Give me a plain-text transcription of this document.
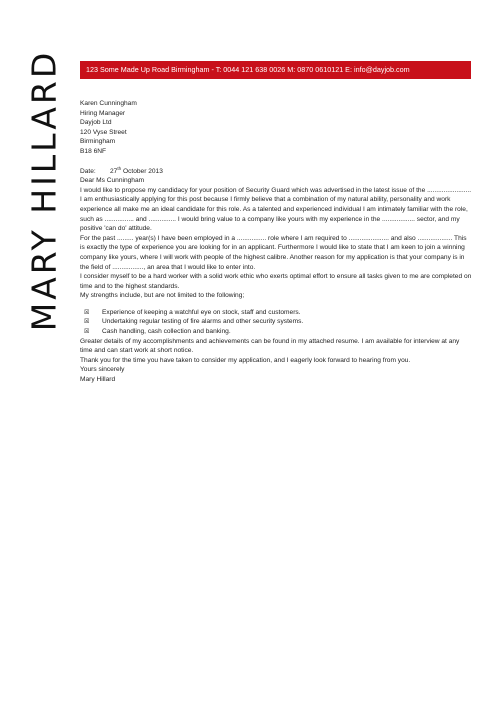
MARY HILLARD	123 Some Made Up Road Birmingham - T: 0044 121 638 0026 M: 0870 0610121 E: info@dayjob.com
Karen Cunningham
Hiring Manager
Dayjob Ltd
120 Vyse Street
Birmingham
B18 6NF
Date:	27th October 2013

Dear Ms Cunningham

I would like to propose my candidacy for your position of Security Guard which was advertised in the latest issue of the ........................

I am enthusiastically applying for this post because I firmly believe that a combination of my natural ability, personality and work experience all make me an ideal candidate for this role. As a talented and experienced individual I am intimately familiar with the role, such as ................ and ............... I would bring value to a company like yours with my experience in the .................. sector, and my positive 'can do' attitude.

For the past ......... year(s) I have been employed in a ................ role where I am required to ...................... and also ................... This is exactly the type of experience you are looking for in an applicant. Furthermore I would like to state that I am keen to join a winning company like yours, where I will work with people of the highest calibre. Another reason for my application is that your company is in the field of ................., an area that I would like to enter into.

I consider myself to be a hard worker with a solid work ethic who exerts optimal effort to ensure all tasks given to me are completed on time and to the highest standards.

My strengths include, but are not limited to the following;

☒	Experience of keeping a watchful eye on stock, staff and customers.
☒	Undertaking regular testing of fire alarms and other security systems.
☒	Cash handling, cash collection and banking.

Greater details of my accomplishments and achievements can be found in my attached resume. I am available for interview at any time and can start work at short notice.

Thank you for the time you have taken to consider my application, and I eagerly look forward to hearing from you.

Yours sincerely

Mary Hillard
